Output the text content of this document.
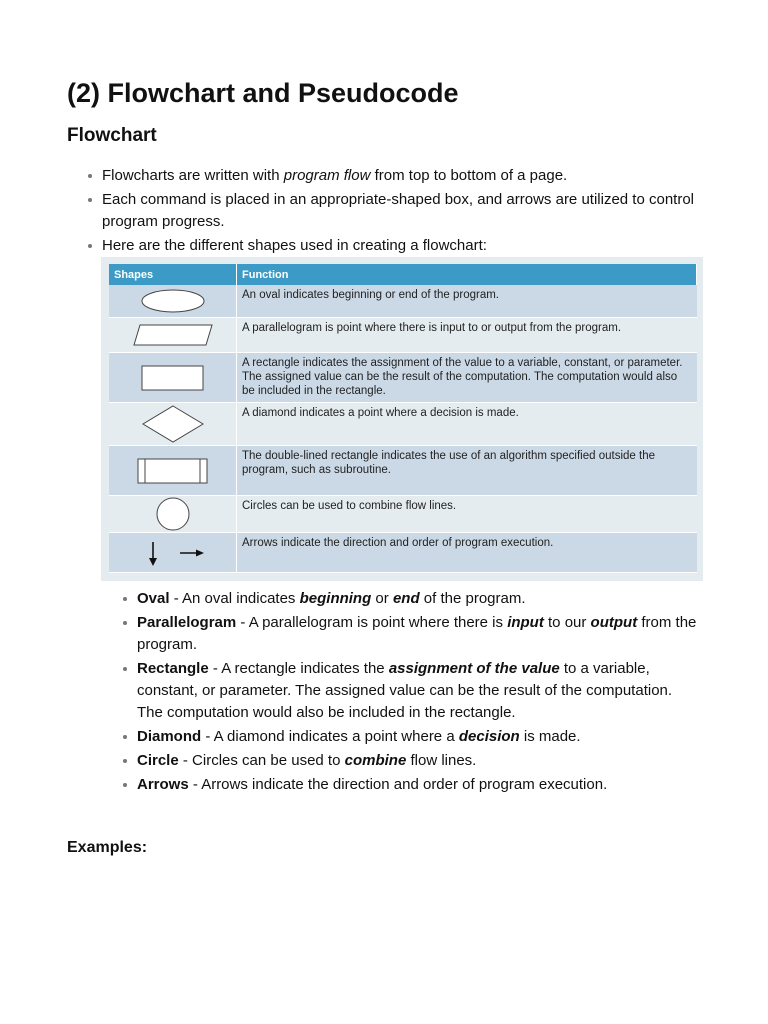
(2) Flowchart and Pseudocode
Flowchart
Flowcharts are written with program flow from top to bottom of a page.
Each command is placed in an appropriate-shaped box, and arrows are utilized to control program progress.
Here are the different shapes used in creating a flowchart:
Shapes	Function

	An oval indicates beginning or end of the program.

	A parallelogram is point where there is input to or output from the program.

	A rectangle indicates the assignment of the value to a variable, constant, or parameter. The assigned value can be the result of the computation. The computation would also be included in the rectangle.

	A diamond indicates a point where a decision is made.

	The double-lined rectangle indicates the use of an algorithm specified outside the program, such as subroutine.

	Circles can be used to combine flow lines.

	Arrows indicate the direction and order of program execution.
Oval - An oval indicates beginning or end of the program.
Parallelogram - A parallelogram is point where there is input to our output from the program.
Rectangle - A rectangle indicates the assignment of the value to a variable, constant, or parameter. The assigned value can be the result of the computation. The computation would also be included in the rectangle.
Diamond - A diamond indicates a point where a decision is made.
Circle - Circles can be used to combine flow lines.
Arrows - Arrows indicate the direction and order of program execution.
Examples:
